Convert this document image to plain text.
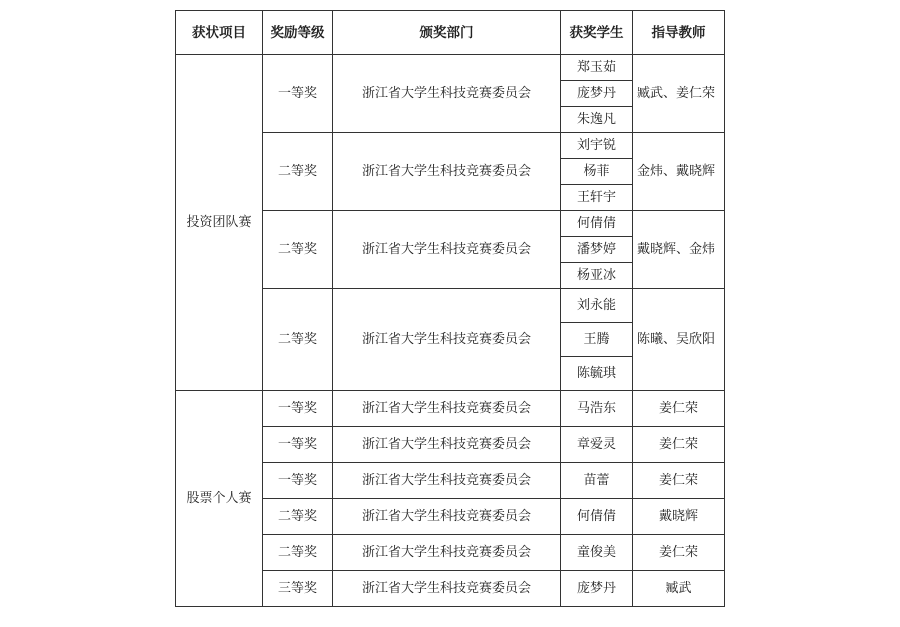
获状项目	奖励等级	颁奖部门	获奖学生	指导教师
投资团队赛	一等奖	浙江省大学生科技竞赛委员会	郑玉茹	臧武、姜仁荣
			庞梦丹	
			朱逸凡	
	二等奖	浙江省大学生科技竞赛委员会	刘宇锐	金炜、戴晓辉
			杨菲	
			王轩宇	
	二等奖	浙江省大学生科技竞赛委员会	何倩倩	戴晓辉、金炜
			潘梦婷	
			杨亚冰	
	二等奖	浙江省大学生科技竞赛委员会	刘永能	陈曦、吴欣阳
			王腾	
			陈毓琪	
股票个人赛	一等奖	浙江省大学生科技竞赛委员会	马浩东	姜仁荣
	一等奖	浙江省大学生科技竞赛委员会	章爱灵	姜仁荣
	一等奖	浙江省大学生科技竞赛委员会	苗蕾	姜仁荣
	二等奖	浙江省大学生科技竞赛委员会	何倩倩	戴晓辉
	二等奖	浙江省大学生科技竞赛委员会	童俊美	姜仁荣
	三等奖	浙江省大学生科技竞赛委员会	庞梦丹	臧武
